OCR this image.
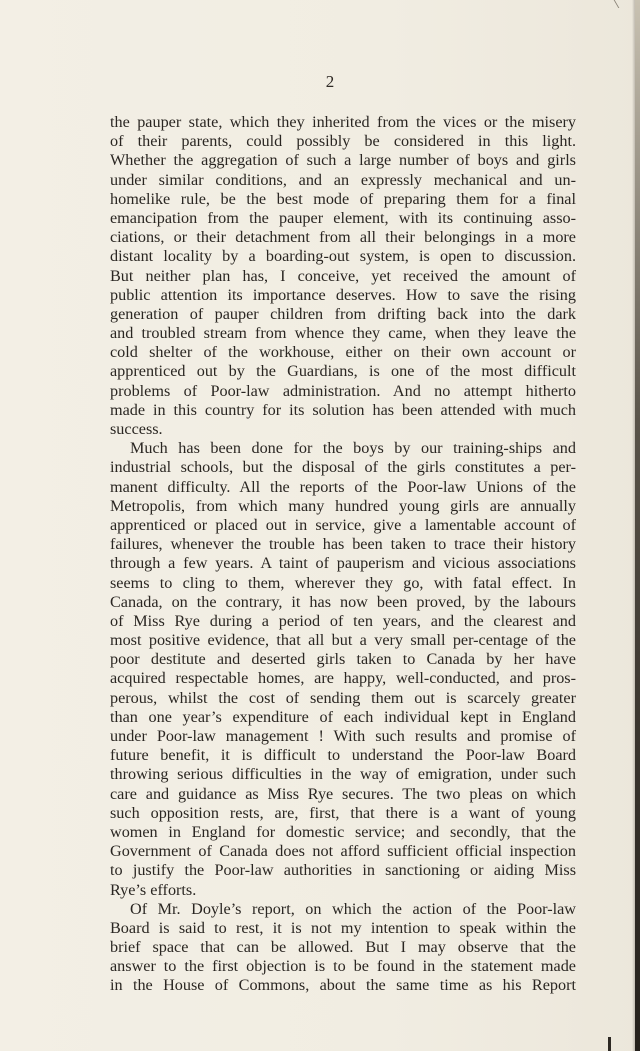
2
the pauper state, which they inherited from the vices or the misery
of their parents, could possibly be considered in this light.
Whether the aggregation of such a large number of boys and girls
under similar conditions, and an expressly mechanical and un-
homelike rule, be the best mode of preparing them for a final
emancipation from the pauper element, with its continuing asso-
ciations, or their detachment from all their belongings in a more
distant locality by a boarding-out system, is open to discussion.
But neither plan has, I conceive, yet received the amount of
public attention its importance deserves. How to save the rising
generation of pauper children from drifting back into the dark
and troubled stream from whence they came, when they leave the
cold shelter of the workhouse, either on their own account or
apprenticed out by the Guardians, is one of the most difficult
problems of Poor-law administration. And no attempt hitherto
made in this country for its solution has been attended with much
success.
Much has been done for the boys by our training-ships and
industrial schools, but the disposal of the girls constitutes a per-
manent difficulty. All the reports of the Poor-law Unions of the
Metropolis, from which many hundred young girls are annually
apprenticed or placed out in service, give a lamentable account of
failures, whenever the trouble has been taken to trace their history
through a few years. A taint of pauperism and vicious associations
seems to cling to them, wherever they go, with fatal effect. In
Canada, on the contrary, it has now been proved, by the labours
of Miss Rye during a period of ten years, and the clearest and
most positive evidence, that all but a very small per-centage of the
poor destitute and deserted girls taken to Canada by her have
acquired respectable homes, are happy, well-conducted, and pros-
perous, whilst the cost of sending them out is scarcely greater
than one year’s expenditure of each individual kept in England
under Poor-law management ! With such results and promise of
future benefit, it is difficult to understand the Poor-law Board
throwing serious difficulties in the way of emigration, under such
care and guidance as Miss Rye secures. The two pleas on which
such opposition rests, are, first, that there is a want of young
women in England for domestic service; and secondly, that the
Government of Canada does not afford sufficient official inspection
to justify the Poor-law authorities in sanctioning or aiding Miss
Rye’s efforts.
Of Mr. Doyle’s report, on which the action of the Poor-law
Board is said to rest, it is not my intention to speak within the
brief space that can be allowed. But I may observe that the
answer to the first objection is to be found in the statement made
in the House of Commons, about the same time as his Report
